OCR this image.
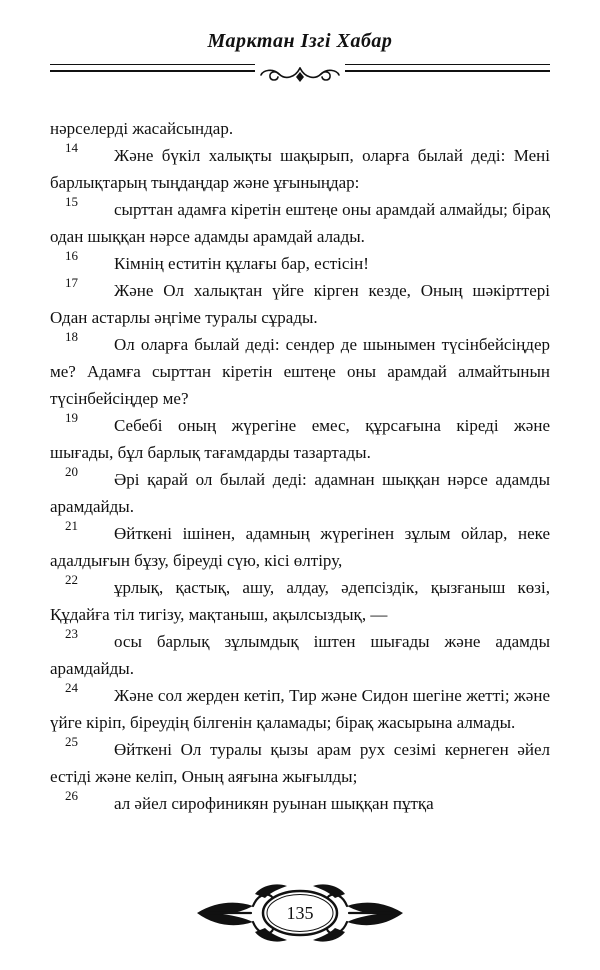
Марктан Ізгі Хабар

нәрселерді жасайсындар.

14 Және бүкіл халықты шақырып, оларға былай деді: Мені барлықтарың тыңдаңдар және ұғыныңдар:

15 сырттан адамға кіретін ештеңе оны арамдай алмайды; бірақ одан шыққан нәрсе адамды арамдай алады.

16 Кімнің еститін құлағы бар, естісін!

17 Және Ол халықтан үйге кірген кезде, Оның шәкірттері Одан астарлы әңгіме туралы сұрады.

18 Ол оларға былай деді: сендер де шынымен түсінбейсіңдер ме? Адамға сырттан кіретін ештеңе оны арамдай алмайтынын түсінбейсіңдер ме?

19 Себебі оның жүрегіне емес, құрсағына кіреді және шығады, бұл барлық тағамдарды тазартады.

20 Әрі қарай ол былай деді: адамнан шыққан нәрсе адамды арамдайды.

21 Өйткені ішінен, адамның жүрегінен зұлым ойлар, неке адалдығын бұзу, біреуді сүю, кісі өлтіру,

22 ұрлық, қастық, ашу, алдау, әдепсіздік, қызғаныш көзі, Құдайға тіл тигізу, мақтаныш, ақылсыздық, —

23 осы барлық зұлымдық іштен шығады және адамды арамдайды.

24 Және сол жерден кетіп, Тир және Сидон шегіне жетті; және үйге кіріп, біреудің білгенін қаламады; бірақ жасырына алмады.

25 Өйткені Ол туралы қызы арам рух сезімі кернеген әйел естіді және келіп, Оның аяғына жығылды;

26 ал әйел сирофиникян руынан шыққан пұтқа

135
